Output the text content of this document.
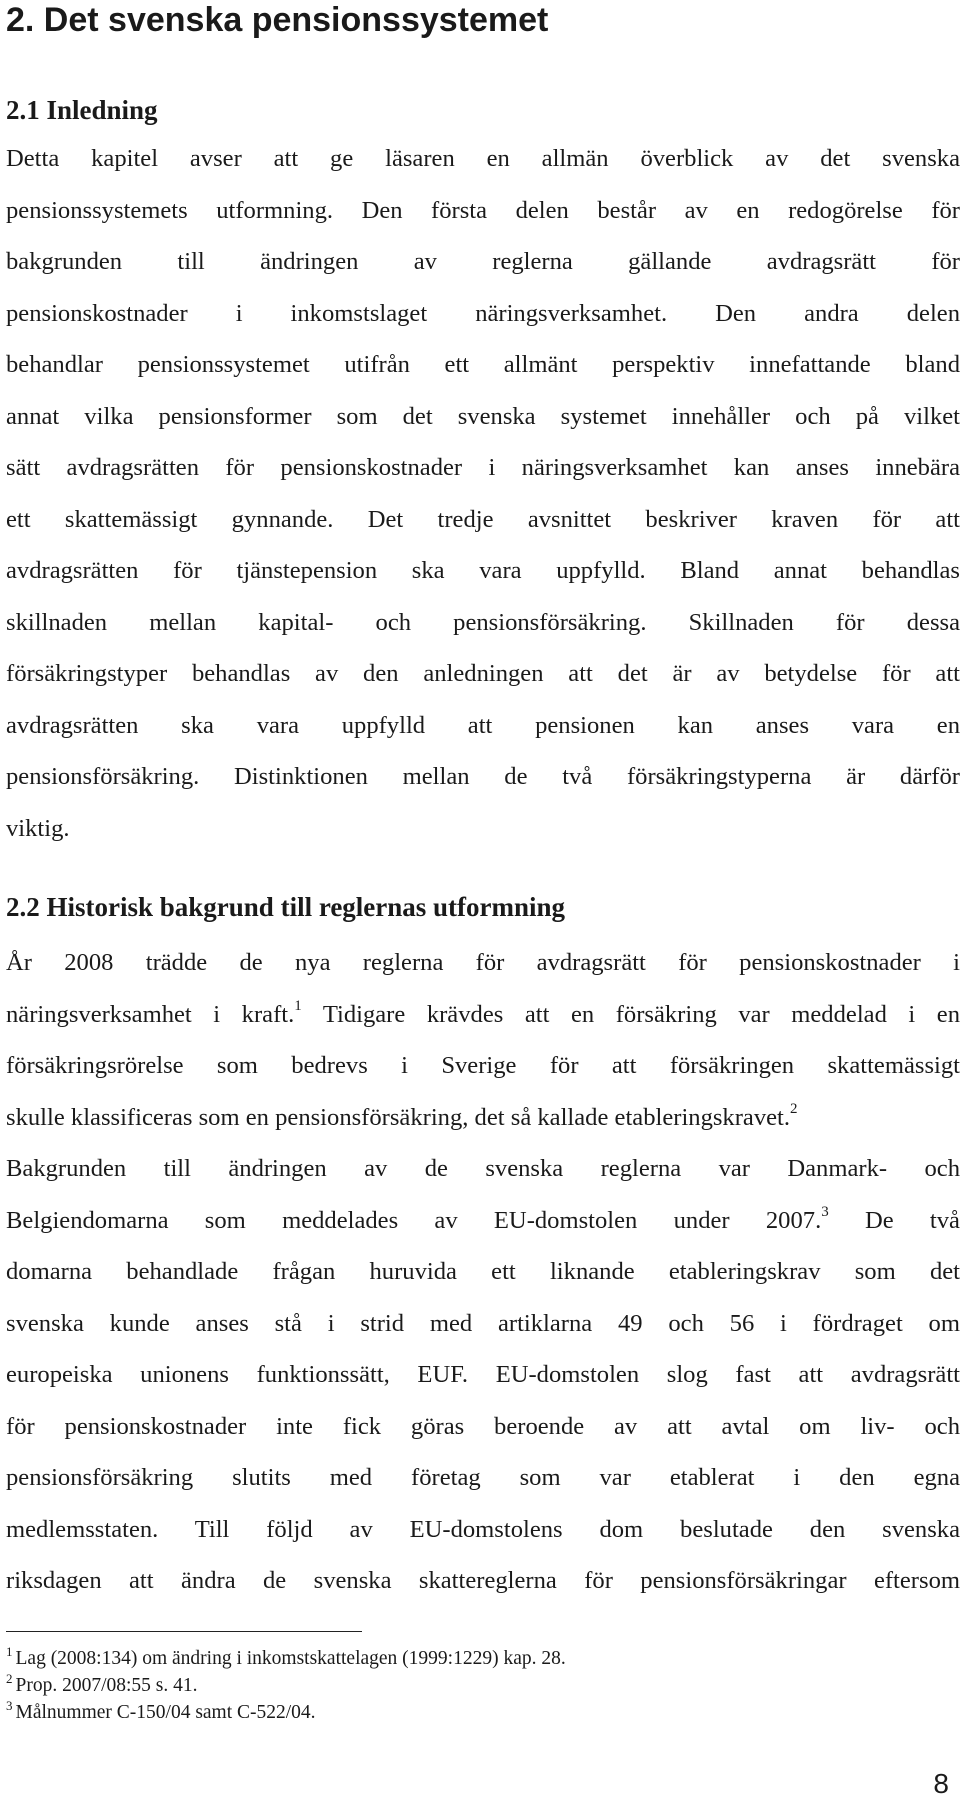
2. Det svenska pensionssystemet
2.1 Inledning
Detta kapitel avser att ge läsaren en allmän överblick av det svenska
pensionssystemets utformning. Den första delen består av en redogörelse för
bakgrunden till ändringen av reglerna gällande avdragsrätt för
pensionskostnader i inkomstslaget näringsverksamhet. Den andra delen
behandlar pensionssystemet utifrån ett allmänt perspektiv innefattande bland
annat vilka pensionsformer som det svenska systemet innehåller och på vilket
sätt avdragsrätten för pensionskostnader i näringsverksamhet kan anses innebära
ett skattemässigt gynnande. Det tredje avsnittet beskriver kraven för att
avdragsrätten för tjänstepension ska vara uppfylld. Bland annat behandlas
skillnaden mellan kapital- och pensionsförsäkring. Skillnaden för dessa
försäkringstyper behandlas av den anledningen att det är av betydelse för att
avdragsrätten ska vara uppfylld att pensionen kan anses vara en
pensionsförsäkring. Distinktionen mellan de två försäkringstyperna är därför
viktig.
2.2 Historisk bakgrund till reglernas utformning
År 2008 trädde de nya reglerna för avdragsrätt för pensionskostnader i
näringsverksamhet i kraft.$^1$ Tidigare krävdes att en försäkring var meddelad i en
försäkringsrörelse som bedrevs i Sverige för att försäkringen skattemässigt
skulle klassificeras som en pensionsförsäkring, det så kallade etableringskravet.$^2$
Bakgrunden till ändringen av de svenska reglerna var Danmark- och
Belgiendomarna som meddelades av EU-domstolen under 2007.$^3$ De två
domarna behandlade frågan huruvida ett liknande etableringskrav som det
svenska kunde anses stå i strid med artiklarna 49 och 56 i fördraget om
europeiska unionens funktionssätt, EUF. EU-domstolen slog fast att avdragsrätt
för pensionskostnader inte fick göras beroende av att avtal om liv- och
pensionsförsäkring slutits med företag som var etablerat i den egna
medlemsstaten. Till följd av EU-domstolens dom beslutade den svenska
riksdagen att ändra de svenska skattereglerna för pensionsförsäkringar eftersom
$^1$ Lag (2008:134) om ändring i inkomstskattelagen (1999:1229) kap. 28.
$^2$ Prop. 2007/08:55 s. 41.
$^3$ Målnummer C-150/04 samt C-522/04.
8
